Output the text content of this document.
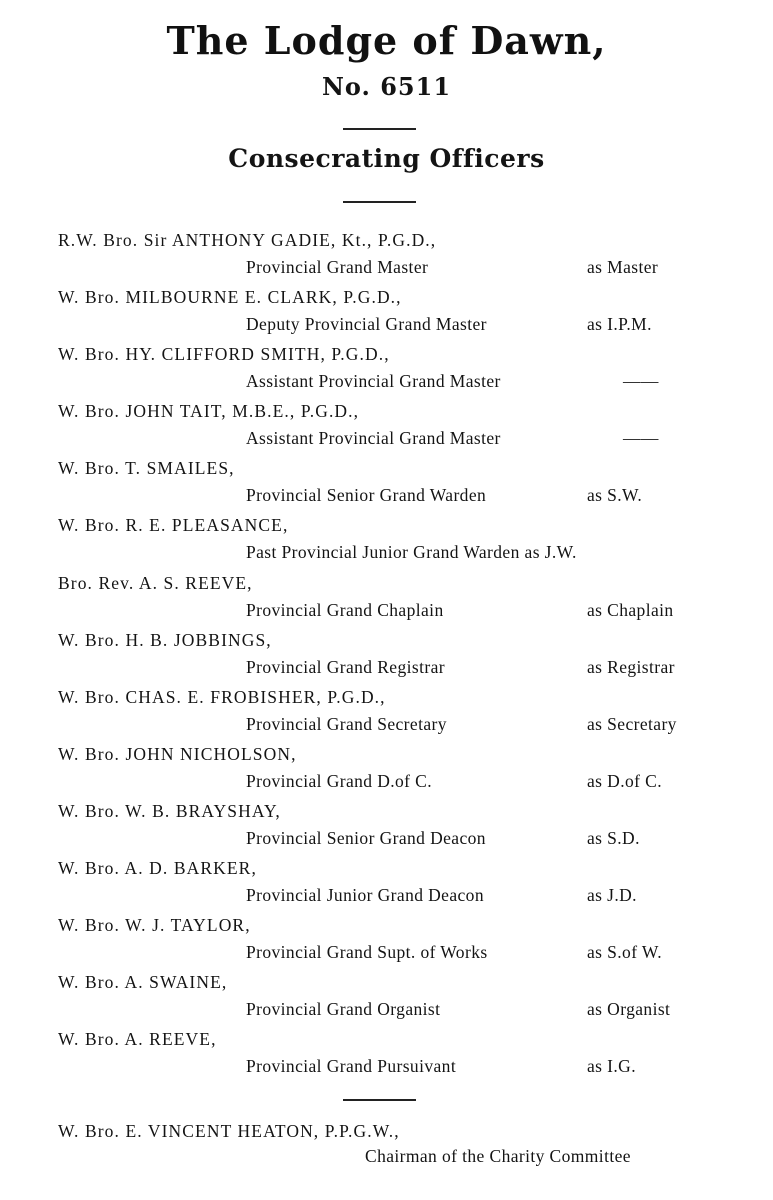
The Lodge of Dawn,
No. 6511
Consecrating Officers
R.W. Bro. Sir ANTHONY GADIE, Kt., P.G.D.,
Provincial Grand Master	as Master
W. Bro. MILBOURNE E. CLARK, P.G.D.,
Deputy Provincial Grand Master	as I.P.M.
W. Bro. HY. CLIFFORD SMITH, P.G.D.,
Assistant Provincial Grand Master	——
W. Bro. JOHN TAIT, M.B.E., P.G.D.,
Assistant Provincial Grand Master	——
W. Bro. T. SMAILES,
Provincial Senior Grand Warden	as S.W.
W. Bro. R. E. PLEASANCE,
Past Provincial Junior Grand Warden as J.W.
Bro. Rev. A. S. REEVE,
Provincial Grand Chaplain	as Chaplain
W. Bro. H. B. JOBBINGS,
Provincial Grand Registrar	as Registrar
W. Bro. CHAS. E. FROBISHER, P.G.D.,
Provincial Grand Secretary	as Secretary
W. Bro. JOHN NICHOLSON,
Provincial Grand D.of C.	as D.of C.
W. Bro. W. B. BRAYSHAY,
Provincial Senior Grand Deacon	as S.D.
W. Bro. A. D. BARKER,
Provincial Junior Grand Deacon	as J.D.
W. Bro. W. J. TAYLOR,
Provincial Grand Supt. of Works	as S.of W.
W. Bro. A. SWAINE,
Provincial Grand Organist	as Organist
W. Bro. A. REEVE,
Provincial Grand Pursuivant	as I.G.
W. Bro. E. VINCENT HEATON, P.P.G.W.,
Chairman of the Charity Committee
